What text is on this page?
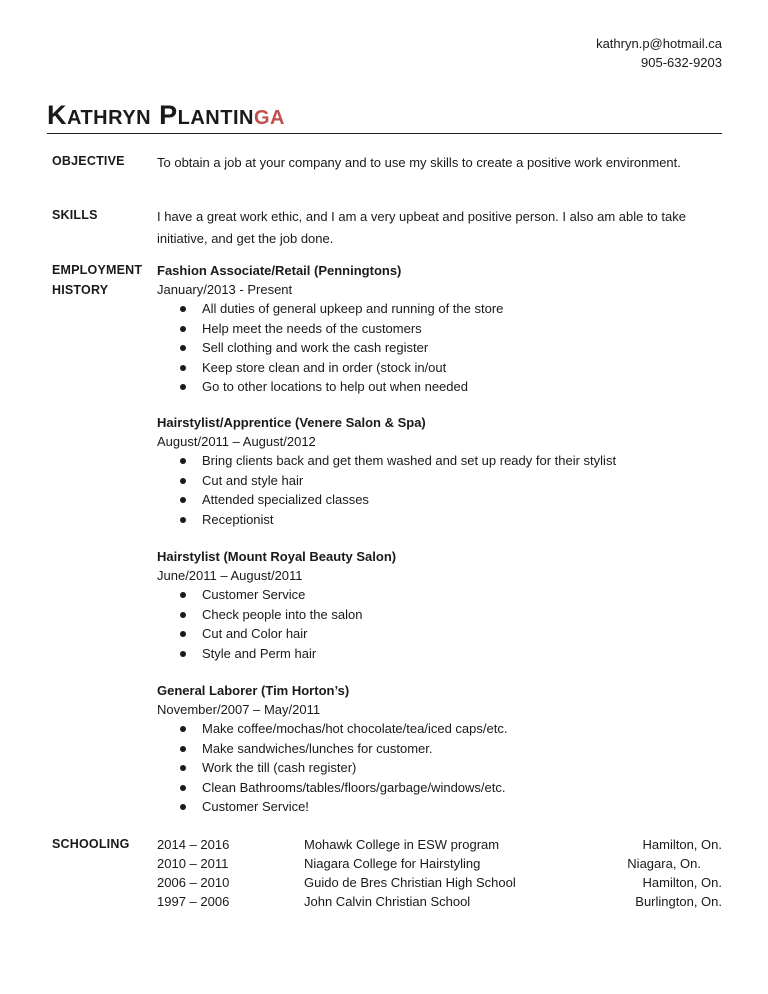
kathryn.p@hotmail.ca
905-632-9203
KATHRYN PLANTINGA
OBJECTIVE	To obtain a job at your company and to use my skills to create a positive work environment.
SKILLS	I have a great work ethic, and I am a very upbeat and positive person. I also am able to take initiative, and get the job done.
EMPLOYMENT
HISTORY
Fashion Associate/Retail (Penningtons)
January/2013 - Present
All duties of general upkeep and running of the store
Help meet the needs of the customers
Sell clothing and work the cash register
Keep store clean and in order (stock in/out
Go to other locations to help out when needed
Hairstylist/Apprentice (Venere Salon & Spa)
August/2011 – August/2012
Bring clients back and get them washed and set up ready for their stylist
Cut and style hair
Attended specialized classes
Receptionist
Hairstylist (Mount Royal Beauty Salon)
June/2011 – August/2011
Customer Service
Check people into the salon
Cut and Color hair
Style and Perm hair
General Laborer (Tim Horton’s)
November/2007 – May/2011
Make coffee/mochas/hot chocolate/tea/iced caps/etc.
Make sandwiches/lunches for customer.
Work the till (cash register)
Clean Bathrooms/tables/floors/garbage/windows/etc.
Customer Service!
SCHOOLING	2014 – 2016	Mohawk College in ESW program	Hamilton, On.
2010 – 2011	Niagara College for Hairstyling	Niagara, On.
2006 – 2010	Guido de Bres Christian High School	Hamilton, On.
1997 – 2006	John Calvin Christian School	Burlington, On.
